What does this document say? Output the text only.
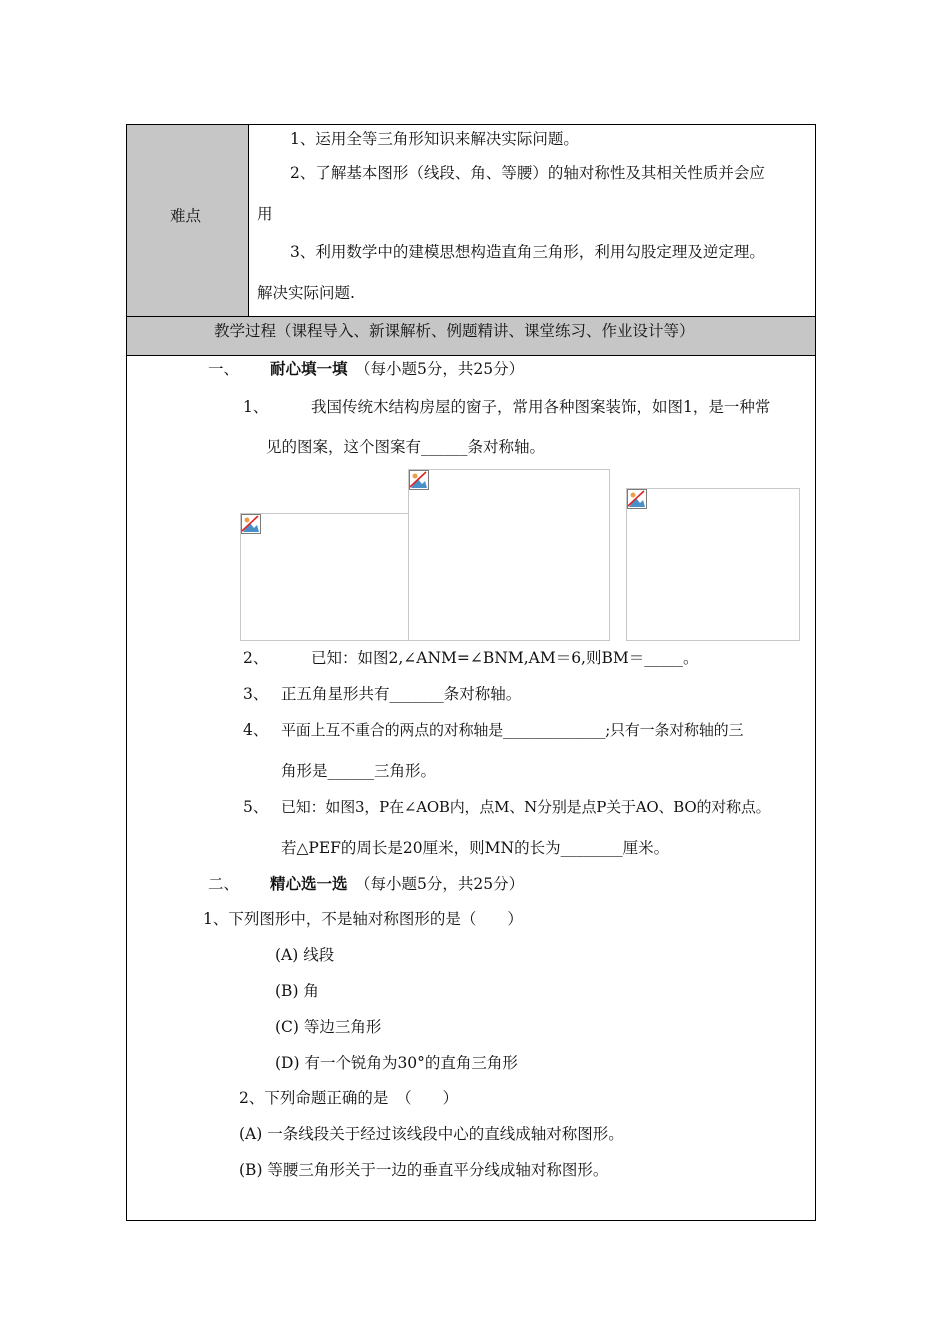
难点
1、运用全等三角形知识来解决实际问题。
2、了解基本图形（线段、角、等腰）的轴对称性及其相关性质并会应
用
3、利用数学中的建模思想构造直角三角形，利用勾股定理及逆定理。
解决实际问题.
教学过程（课程导入、新课解析、例题精讲、课堂练习、作业设计等）
一、 耐心填一填 （每小题5分，共25分）
1、	我国传统木结构房屋的窗子，常用各种图案装饰，如图1，是一种常
见的图案，这个图案有______条对称轴。
2、	已知：如图2,∠ANM=∠BNM,AM＝6,则BM＝_____。
3、 正五角星形共有_______条对称轴。
4、 平面上互不重合的两点的对称轴是______________;只有一条对称轴的三
角形是______三角形。
5、 已知：如图3，P在∠AOB内，点M、N分别是点P关于AO、BO的对称点。
若△PEF的周长是20厘米，则MN的长为________厘米。
二、 精心选一选 （每小题5分，共25分）
1、下列图形中，不是轴对称图形的是（　　）
(A) 线段
(B) 角
(C) 等边三角形
(D) 有一个锐角为30°的直角三角形
2、下列命题正确的是　（　　）
(A) 一条线段关于经过该线段中心的直线成轴对称图形。
(B) 等腰三角形关于一边的垂直平分线成轴对称图形。
